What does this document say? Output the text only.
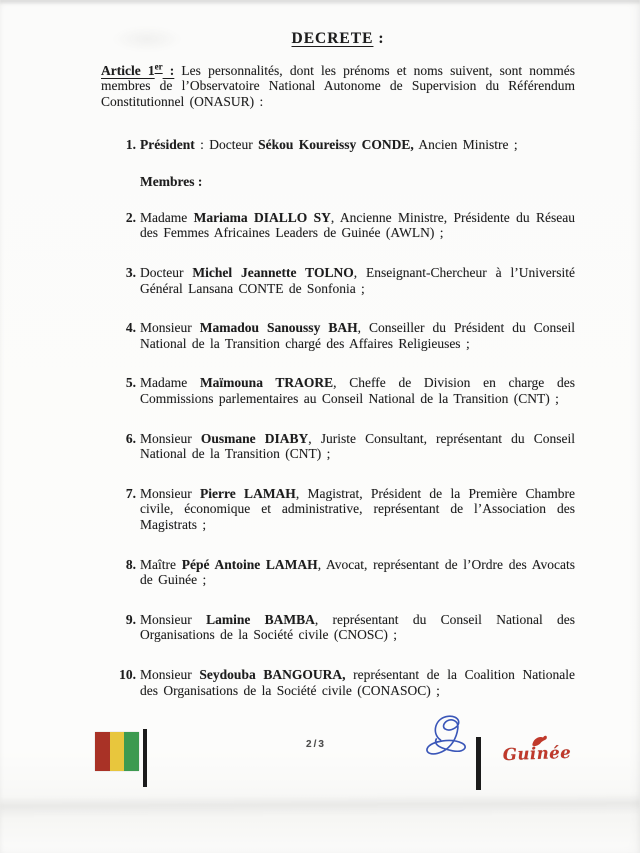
DECRETE :

Article 1er : Les personnalités, dont les prénoms et noms suivent, sont nommés membres de l’Observatoire National Autonome de Supervision du Référendum Constitutionnel (ONASUR) :

1. Président : Docteur Sékou Koureissy CONDE, Ancien Ministre ;
Membres :
2. Madame Mariama DIALLO SY, Ancienne Ministre, Présidente du Réseau des Femmes Africaines Leaders de Guinée (AWLN) ;
3. Docteur Michel Jeannette TOLNO, Enseignant-Chercheur à l’Université Général Lansana CONTE de Sonfonia ;
4. Monsieur Mamadou Sanoussy BAH, Conseiller du Président du Conseil National de la Transition chargé des Affaires Religieuses ;
5. Madame Maïmouna TRAORE, Cheffe de Division en charge des Commissions parlementaires au Conseil National de la Transition (CNT) ;
6. Monsieur Ousmane DIABY, Juriste Consultant, représentant du Conseil National de la Transition (CNT) ;
7. Monsieur Pierre LAMAH, Magistrat, Président de la Première Chambre civile, économique et administrative, représentant de l’Association des Magistrats ;
8. Maître Pépé Antoine LAMAH, Avocat, représentant de l’Ordre des Avocats de Guinée ;
9. Monsieur Lamine BAMBA, représentant du Conseil National des Organisations de la Société civile (CNOSC) ;
10. Monsieur Seydouba BANGOURA, représentant de la Coalition Nationale des Organisations de la Société civile (CONASOC) ;
2/3	Guinée
